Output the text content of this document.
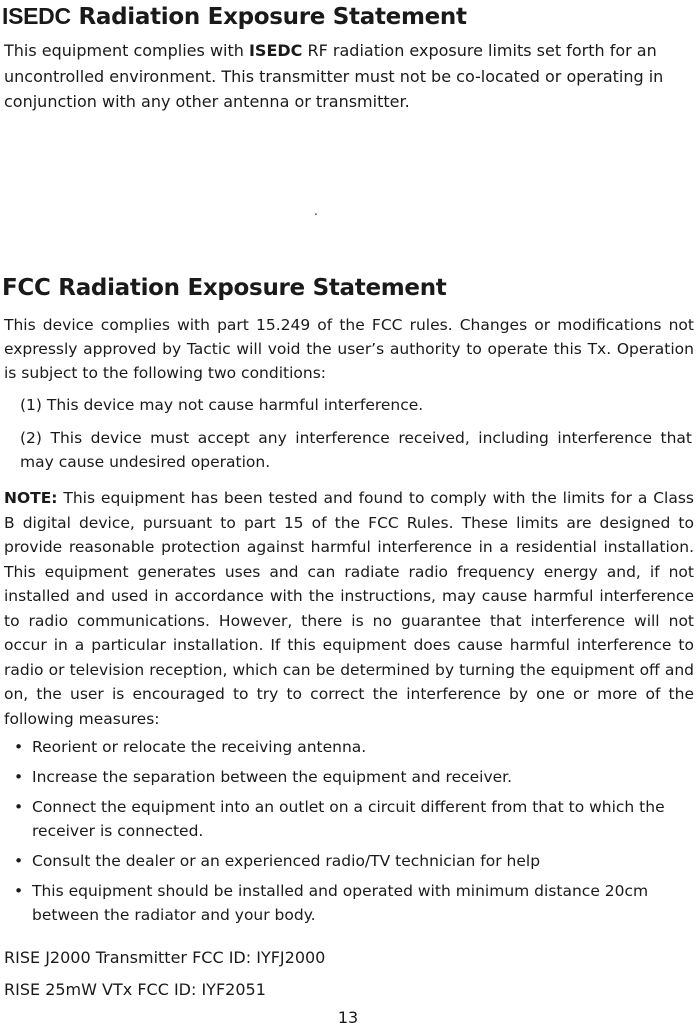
ISEDC Radiation Exposure Statement

This equipment complies with ISEDC RF radiation exposure limits set forth for an uncontrolled environment. This transmitter must not be co-located or operating in conjunction with any other antenna or transmitter.

.
FCC Radiation Exposure Statement

This device complies with part 15.249 of the FCC rules. Changes or modifications not expressly approved by Tactic will void the user’s authority to operate this Tx. Operation is subject to the following two conditions:

(1) This device may not cause harmful interference.

(2) This device must accept any interference received, including interference that may cause undesired operation.

NOTE: This equipment has been tested and found to comply with the limits for a Class B digital device, pursuant to part 15 of the FCC Rules. These limits are designed to provide reasonable protection against harmful interference in a residential installation. This equipment generates uses and can radiate radio frequency energy and, if not installed and used in accordance with the instructions, may cause harmful interference to radio communications. However, there is no guarantee that interference will not occur in a particular installation. If this equipment does cause harmful interference to radio or television reception, which can be determined by turning the equipment off and on, the user is encouraged to try to correct the interference by one or more of the following measures:

• Reorient or relocate the receiving antenna.
• Increase the separation between the equipment and receiver.
• Connect the equipment into an outlet on a circuit different from that to which the receiver is connected.
• Consult the dealer or an experienced radio/TV technician for help
• This equipment should be installed and operated with minimum distance 20cm between the radiator and your body.
RISE J2000 Transmitter FCC ID: IYFJ2000
RISE 25mW VTx FCC ID: IYF2051
13
